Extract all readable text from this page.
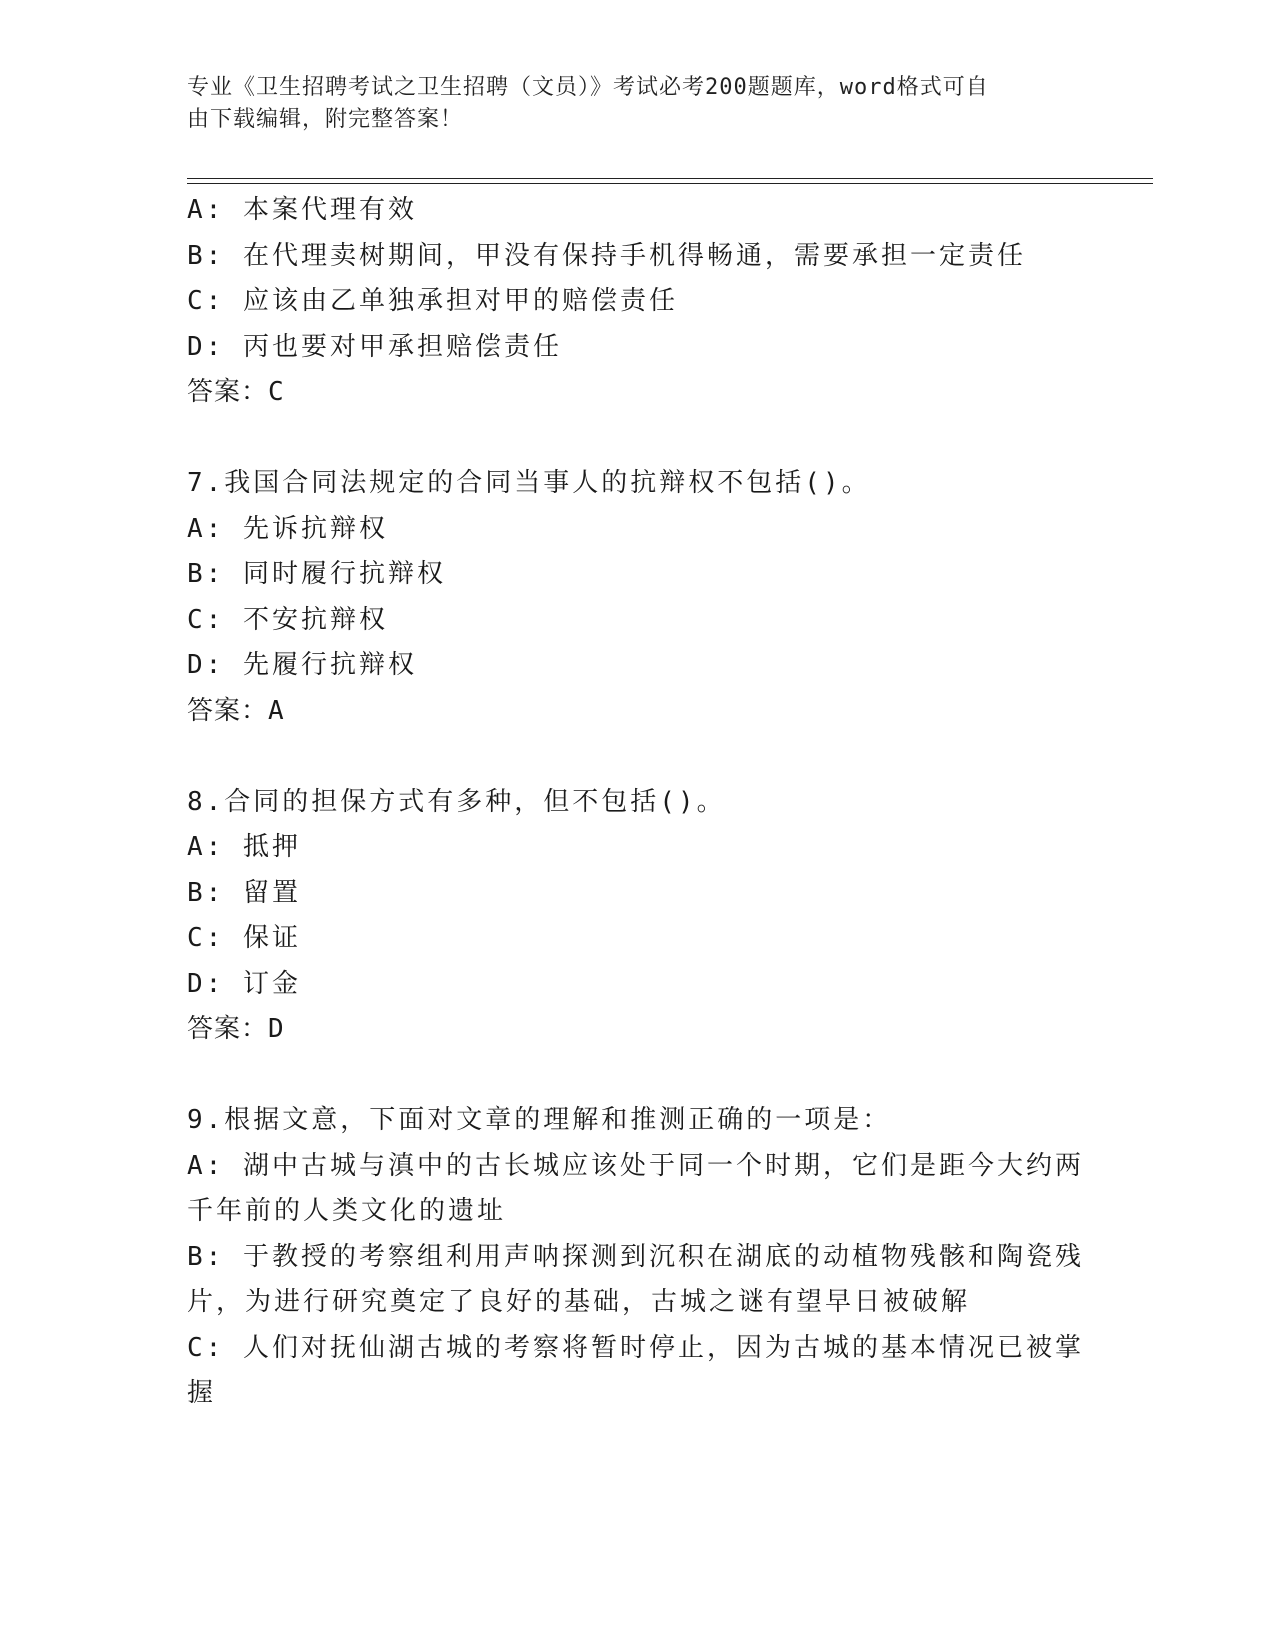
专业《卫生招聘考试之卫生招聘（文员）》考试必考200题题库，word格式可自
由下载编辑，附完整答案！

A: 本案代理有效

B: 在代理卖树期间，甲没有保持手机得畅通，需要承担一定责任

C: 应该由乙单独承担对甲的赔偿责任

D: 丙也要对甲承担赔偿责任

答案：C

7.我国合同法规定的合同当事人的抗辩权不包括()。

A: 先诉抗辩权

B: 同时履行抗辩权

C: 不安抗辩权

D: 先履行抗辩权

答案：A

8.合同的担保方式有多种，但不包括()。

A: 抵押

B: 留置

C: 保证

D: 订金

答案：D

9.根据文意，下面对文章的理解和推测正确的一项是：

A: 湖中古城与滇中的古长城应该处于同一个时期，它们是距今大约两

千年前的人类文化的遗址

B: 于教授的考察组利用声呐探测到沉积在湖底的动植物残骸和陶瓷残

片，为进行研究奠定了良好的基础，古城之谜有望早日被破解

C: 人们对抚仙湖古城的考察将暂时停止，因为古城的基本情况已被掌

握
